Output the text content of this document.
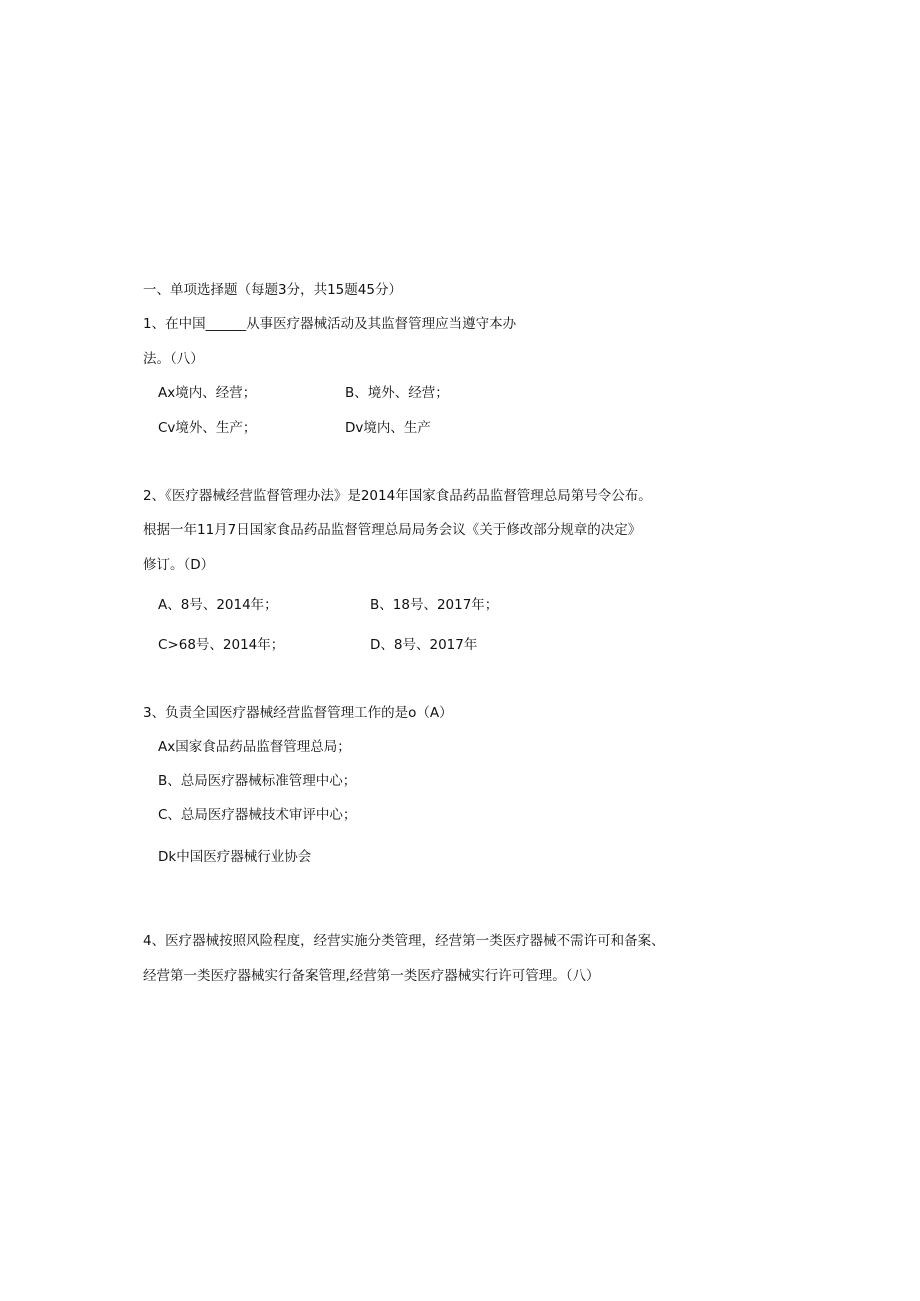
一、单项选择题（每题3分，共15题45分）
1、在中国______从事医疗器械活动及其监督管理应当遵守本办
法。（八）
Ax境内、经营；	B、境外、经营；
Cv境外、生产；	Dv境内、生产
2、《医疗器械经营监督管理办法》是2014年国家食品药品监督管理总局第号令公布。
根据一年11月7日国家食品药品监督管理总局局务会议《关于修改部分规章的决定》
修订。（D）
A、8号、2014年；	B、18号、2017年；
C>68号、2014年；	D、8号、2017年
3、负责全国医疗器械经营监督管理工作的是o（A）
Ax国家食品药品监督管理总局；
B、总局医疗器械标准管理中心；
C、总局医疗器械技术审评中心；
Dk中国医疗器械行业协会
4、医疗器械按照风险程度，经营实施分类管理，经营第一类医疗器械不需许可和备案、
经营第一类医疗器械实行备案管理,经营第一类医疗器械实行许可管理。（八）
